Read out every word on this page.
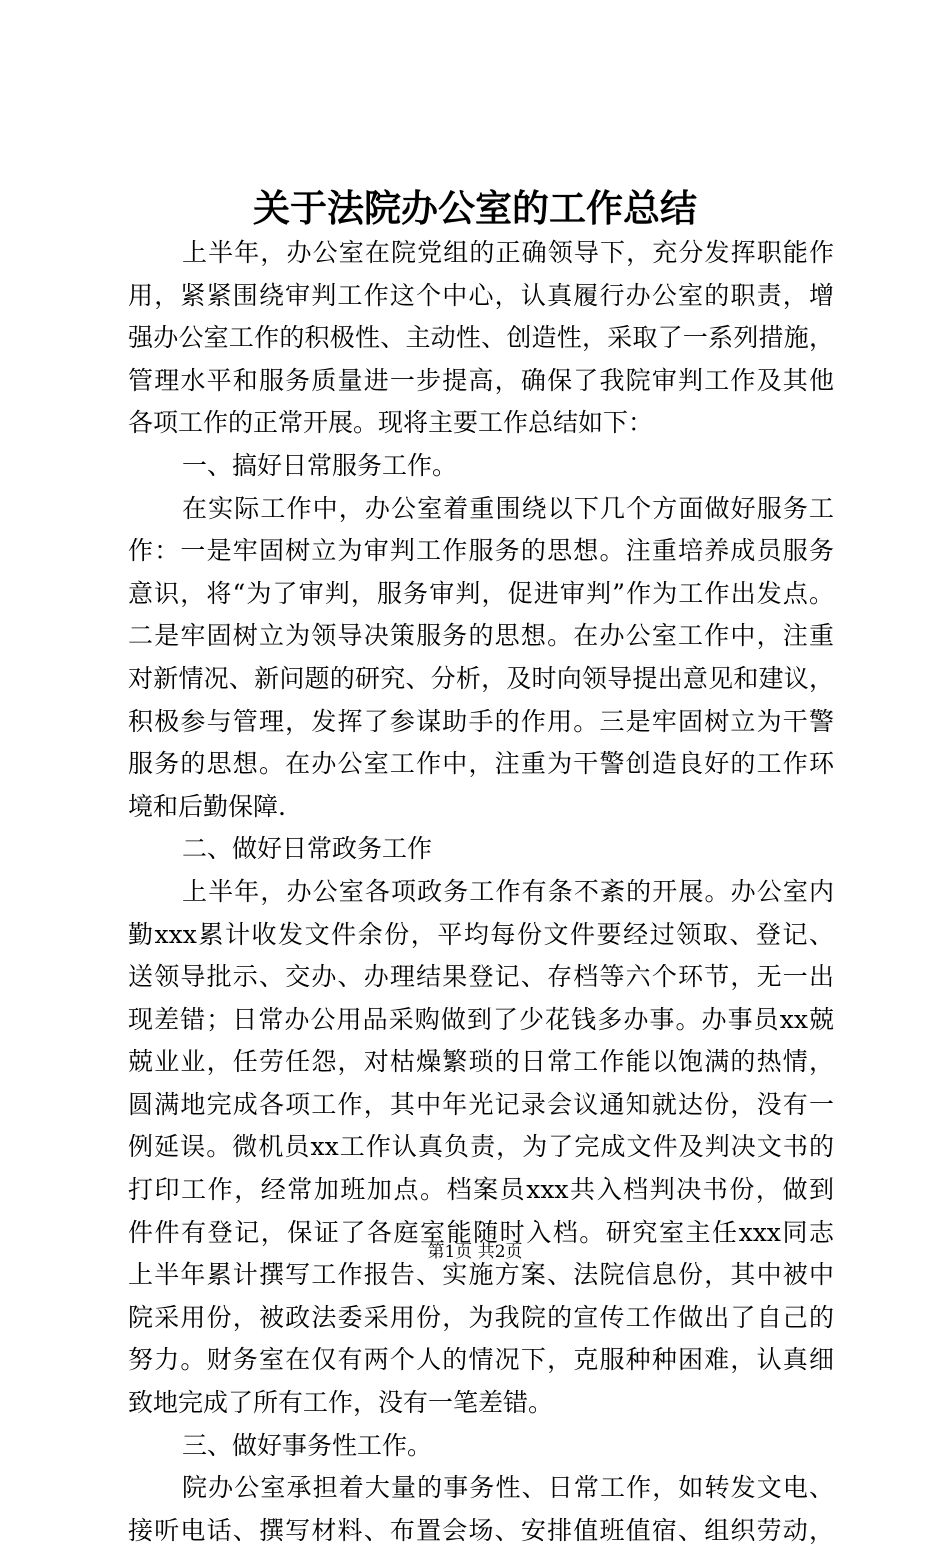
关于法院办公室的工作总结
上半年，办公室在院党组的正确领导下，充分发挥职能作
用，紧紧围绕审判工作这个中心，认真履行办公室的职责，增
强办公室工作的积极性、主动性、创造性，采取了一系列措施，
管理水平和服务质量进一步提高，确保了我院审判工作及其他
各项工作的正常开展。现将主要工作总结如下：
一、搞好日常服务工作。
在实际工作中，办公室着重围绕以下几个方面做好服务工
作：一是牢固树立为审判工作服务的思想。注重培养成员服务
意识，将“为了审判，服务审判，促进审判”作为工作出发点。
二是牢固树立为领导决策服务的思想。在办公室工作中，注重
对新情况、新问题的研究、分析，及时向领导提出意见和建议，
积极参与管理，发挥了参谋助手的作用。三是牢固树立为干警
服务的思想。在办公室工作中，注重为干警创造良好的工作环
境和后勤保障.
二、做好日常政务工作
上半年，办公室各项政务工作有条不紊的开展。办公室内
勤xxx累计收发文件余份，平均每份文件要经过领取、登记、
送领导批示、交办、办理结果登记、存档等六个环节，无一出
现差错；日常办公用品采购做到了少花钱多办事。办事员xx兢
兢业业，任劳任怨，对枯燥繁琐的日常工作能以饱满的热情，
圆满地完成各项工作，其中年光记录会议通知就达份，没有一
例延误。微机员xx工作认真负责，为了完成文件及判决文书的
打印工作，经常加班加点。档案员xxx共入档判决书份，做到
件件有登记，保证了各庭室能随时入档。研究室主任xxx同志
上半年累计撰写工作报告、实施方案、法院信息份，其中被中
院采用份，被政法委采用份，为我院的宣传工作做出了自己的
努力。财务室在仅有两个人的情况下，克服种种困难，认真细
致地完成了所有工作，没有一笔差错。
三、做好事务性工作。
院办公室承担着大量的事务性、日常工作，如转发文电、
接听电话、撰写材料、布置会场、安排值班值宿、组织劳动，
第1页 共2页
